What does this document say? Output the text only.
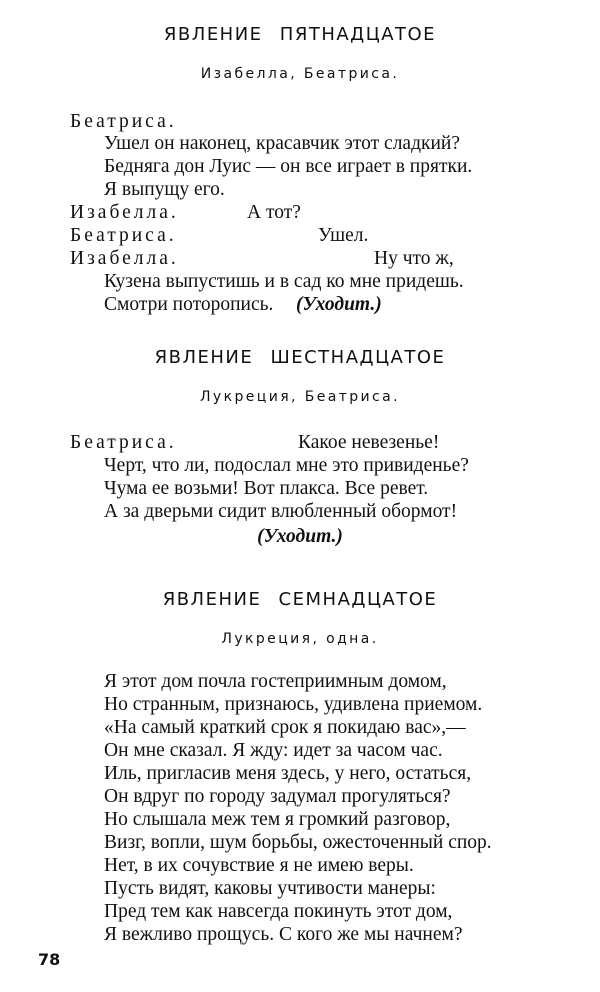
ЯВЛЕНИЕ ПЯТНАДЦАТОЕ
Изабелла, Беатриса.
Беатриса.
Ушел он наконец, красавчик этот сладкий?
Бедняга дон Луис — он все играет в прятки.
Я выпущу его.
Изабелла.	А тот?
Беатриса.	Ушел.
Изабелла.	Ну что ж,
Кузена выпустишь и в сад ко мне придешь.
Смотри поторопись. (Уходит.)
ЯВЛЕНИЕ ШЕСТНАДЦАТОЕ
Лукреция, Беатриса.
Беатриса.	Какое невезенье!
Черт, что ли, подослал мне это привиденье?
Чума ее возьми! Вот плакса. Все ревет.
А за дверьми сидит влюбленный обормот!
(Уходит.)
ЯВЛЕНИЕ СЕМНАДЦАТОЕ
Лукреция, одна.
Я этот дом почла гостеприимным домом,
Но странным, признаюсь, удивлена приемом.
«На самый краткий срок я покидаю вас»,—
Он мне сказал. Я жду: идет за часом час.
Иль, пригласив меня здесь, у него, остаться,
Он вдруг по городу задумал прогуляться?
Но слышала меж тем я громкий разговор,
Визг, вопли, шум борьбы, ожесточенный спор.
Нет, в их сочувствие я не имею веры.
Пусть видят, каковы учтивости манеры:
Пред тем как навсегда покинуть этот дом,
Я вежливо прощусь. С кого же мы начнем?
78
